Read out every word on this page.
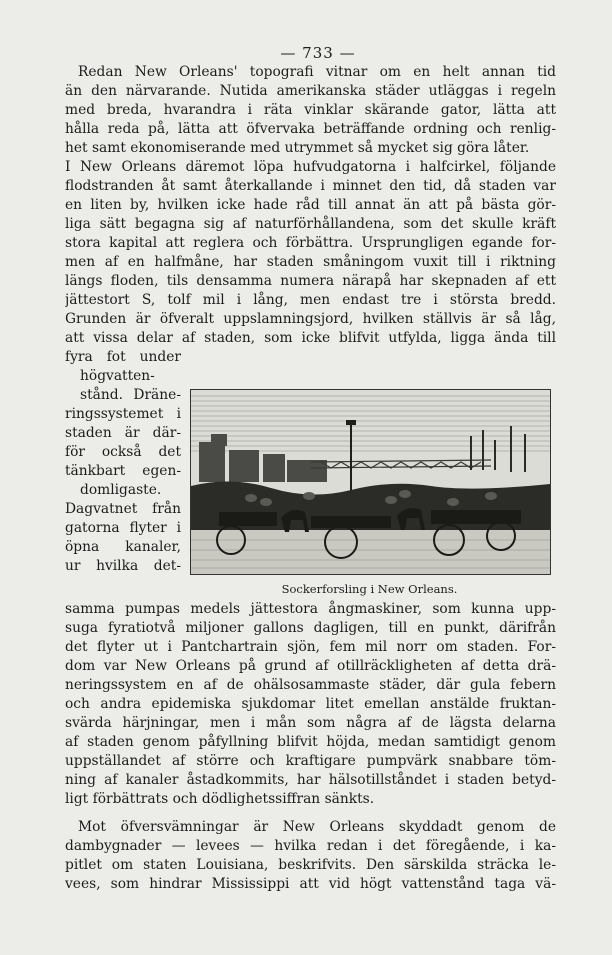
— 733 —
Redan New Orleans' topografi vitnar om en helt annan tid
än den närvarande. Nutida amerikanska städer utläggas i regeln
med breda, hvarandra i räta vinklar skärande gator, lätta att
hålla reda på, lätta att öfvervaka beträffande ordning och renlig-
het samt ekonomiserande med utrymmet så mycket sig göra låter.
I New Orleans däremot löpa hufvudgatorna i halfcirkel, följande
flodstranden åt samt återkallande i minnet den tid, då staden var
en liten by, hvilken icke hade råd till annat än att på bästa gör-
liga sätt begagna sig af naturförhållandena, som det skulle kräft
stora kapital att reglera och förbättra. Ursprungligen egande for-
men af en halfmåne, har staden småningom vuxit till i riktning
längs floden, tils densamma numera närapå har skepnaden af ett
jättestort S, tolf mil i lång, men endast tre i största bredd.
Grunden är öfveralt uppslamningsjord, hvilken ställvis är så låg,
att vissa delar af staden, som icke blifvit utfylda, ligga ända till
fyra fot under
högvatten-
stånd. Dräne-
ringssystemet i
staden är där-
för också det
tänkbart egen-
domligaste.
Dagvatnet från
gatorna flyter i
öpna kanaler,
ur hvilka det-
Sockerforsling i New Orleans.
samma pumpas medels jättestora ångmaskiner, som kunna upp-
suga fyratiotvå miljoner gallons dagligen, till en punkt, därifrån
det flyter ut i Pantchartrain sjön, fem mil norr om staden. For-
dom var New Orleans på grund af otillräckligheten af detta drä-
neringssystem en af de ohälsosammaste städer, där gula febern
och andra epidemiska sjukdomar litet emellan anstälde fruktan-
svärda härjningar, men i mån som några af de lägsta delarna
af staden genom påfyllning blifvit höjda, medan samtidigt genom
uppställandet af större och kraftigare pumpvärk snabbare töm-
ning af kanaler åstadkommits, har hälsotillståndet i staden betyd-
ligt förbättrats och dödlighetssiffran sänkts.
Mot öfversvämningar är New Orleans skyddadt genom de
dambygnader — levees — hvilka redan i det föregående, i ka-
pitlet om staten Louisiana, beskrifvits. Den särskilda sträcka le-
vees, som hindrar Mississippi att vid högt vattenstånd taga vä-
